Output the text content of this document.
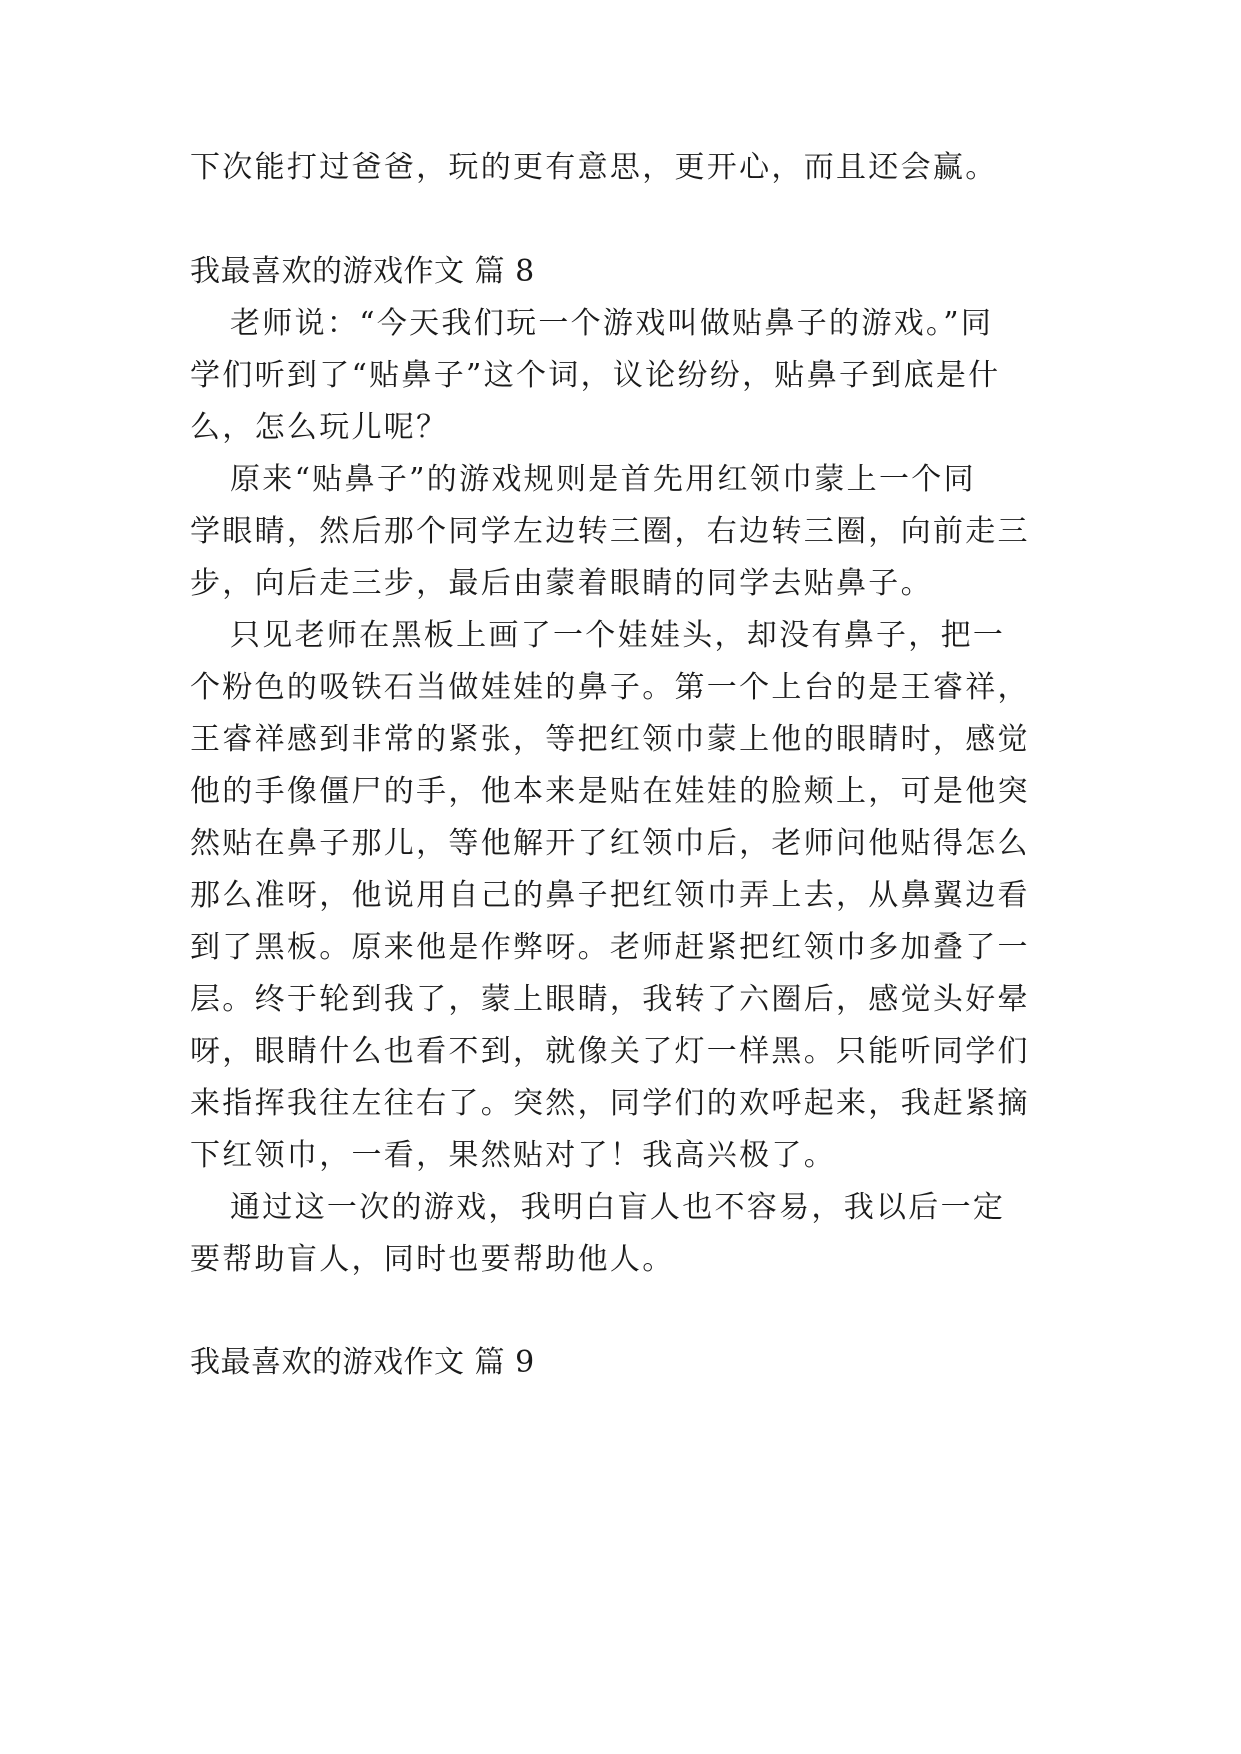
下次能打过爸爸，玩的更有意思，更开心，而且还会赢。
我最喜欢的游戏作文 篇 8
老师说：“今天我们玩一个游戏叫做贴鼻子的游戏。”同
学们听到了“贴鼻子”这个词，议论纷纷，贴鼻子到底是什
么，怎么玩儿呢？
原来“贴鼻子”的游戏规则是首先用红领巾蒙上一个同
学眼睛，然后那个同学左边转三圈，右边转三圈，向前走三
步，向后走三步，最后由蒙着眼睛的同学去贴鼻子。
只见老师在黑板上画了一个娃娃头，却没有鼻子，把一
个粉色的吸铁石当做娃娃的鼻子。第一个上台的是王睿祥，
王睿祥感到非常的紧张，等把红领巾蒙上他的眼睛时，感觉
他的手像僵尸的手，他本来是贴在娃娃的脸颊上，可是他突
然贴在鼻子那儿，等他解开了红领巾后，老师问他贴得怎么
那么准呀，他说用自己的鼻子把红领巾弄上去，从鼻翼边看
到了黑板。原来他是作弊呀。老师赶紧把红领巾多加叠了一
层。终于轮到我了，蒙上眼睛，我转了六圈后，感觉头好晕
呀，眼睛什么也看不到，就像关了灯一样黑。只能听同学们
来指挥我往左往右了。突然，同学们的欢呼起来，我赶紧摘
下红领巾，一看，果然贴对了！我高兴极了。
通过这一次的游戏，我明白盲人也不容易，我以后一定
要帮助盲人，同时也要帮助他人。
我最喜欢的游戏作文 篇 9
